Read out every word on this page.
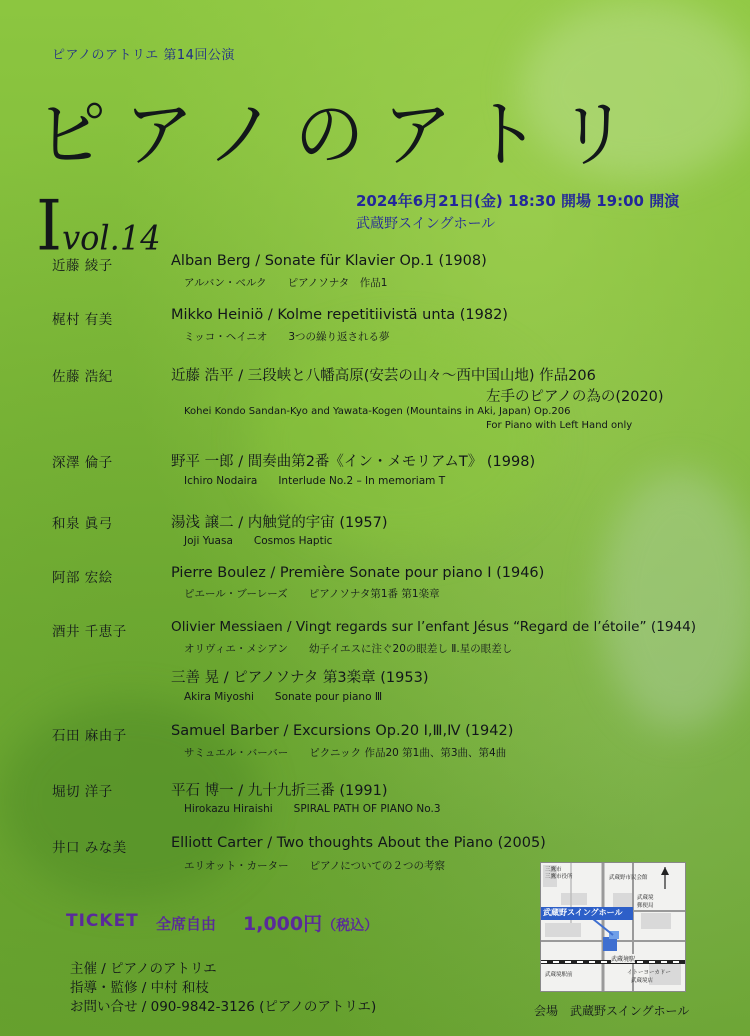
ピアノのアトリエ 第14回公演
ピアノのアトリⅠvol.14
2024年6月21日(金) 18:30 開場 19:00 開演
武蔵野スイングホール
近藤 綾子	Alban Berg / Sonate für Klavier Op.1 (1908)
アルバン・ベルク　　ピアノソナタ　作品1
梶村 有美	Mikko Heiniö / Kolme repetitiivistä unta (1982)
ミッコ・ヘイニオ　　3つの繰り返される夢
佐藤 浩紀	近藤 浩平 / 三段峡と八幡高原(安芸の山々～西中国山地) 作品206
左手のピアノの為の(2020)
Kohei Kondo Sandan-Kyo and Yawata-Kogen (Mountains in Aki, Japan) Op.206
For Piano with Left Hand only
深澤 倫子	野平 一郎 / 間奏曲第2番《イン・メモリアムT》 (1998)
Ichiro Nodaira　　Interlude No.2 – In memoriam T
和泉 眞弓	湯浅 譲二 / 内触覚的宇宙 (1957)
Joji Yuasa　　Cosmos Haptic
阿部 宏絵	Pierre Boulez / Première Sonate pour piano Ⅰ (1946)
ピエール・ブーレーズ　　ピアノソナタ第1番 第1楽章
酒井 千恵子	Olivier Messiaen / Vingt regards sur l’enfant Jésus “Regard de l’étoile” (1944)
オリヴィエ・メシアン　　幼子イエスに注ぐ20の眼差し Ⅱ.星の眼差し
三善 晃 / ピアノソナタ 第3楽章 (1953)
Akira Miyoshi　　Sonate pour piano Ⅲ
石田 麻由子	Samuel Barber / Excursions Op.20 Ⅰ,Ⅲ,Ⅳ (1942)
サミュエル・バーバー　　ピクニック 作品20 第1曲、第3曲、第4曲
堀切 洋子	平石 博一 / 九十九折三番 (1991)
Hirokazu Hiraishi　　SPIRAL PATH OF PIANO No.3
井口 みな美	Elliott Carter / Two thoughts About the Piano (2005)
エリオット・カーター　　ピアノについての２つの考察
TICKET 全席自由 1,000円（税込）
主催 / ピアノのアトリエ
指導・監修 / 中村 和枝
お問い合せ / 090-9842-3126 (ピアノのアトリエ)
三鷹市
三鷹市役所	武蔵野市民会館
武蔵野スイングホール
武蔵境
郵便局
武蔵境駅
武蔵境駅前	イトーヨーカドー
武蔵境店
会場　武蔵野スイングホール
